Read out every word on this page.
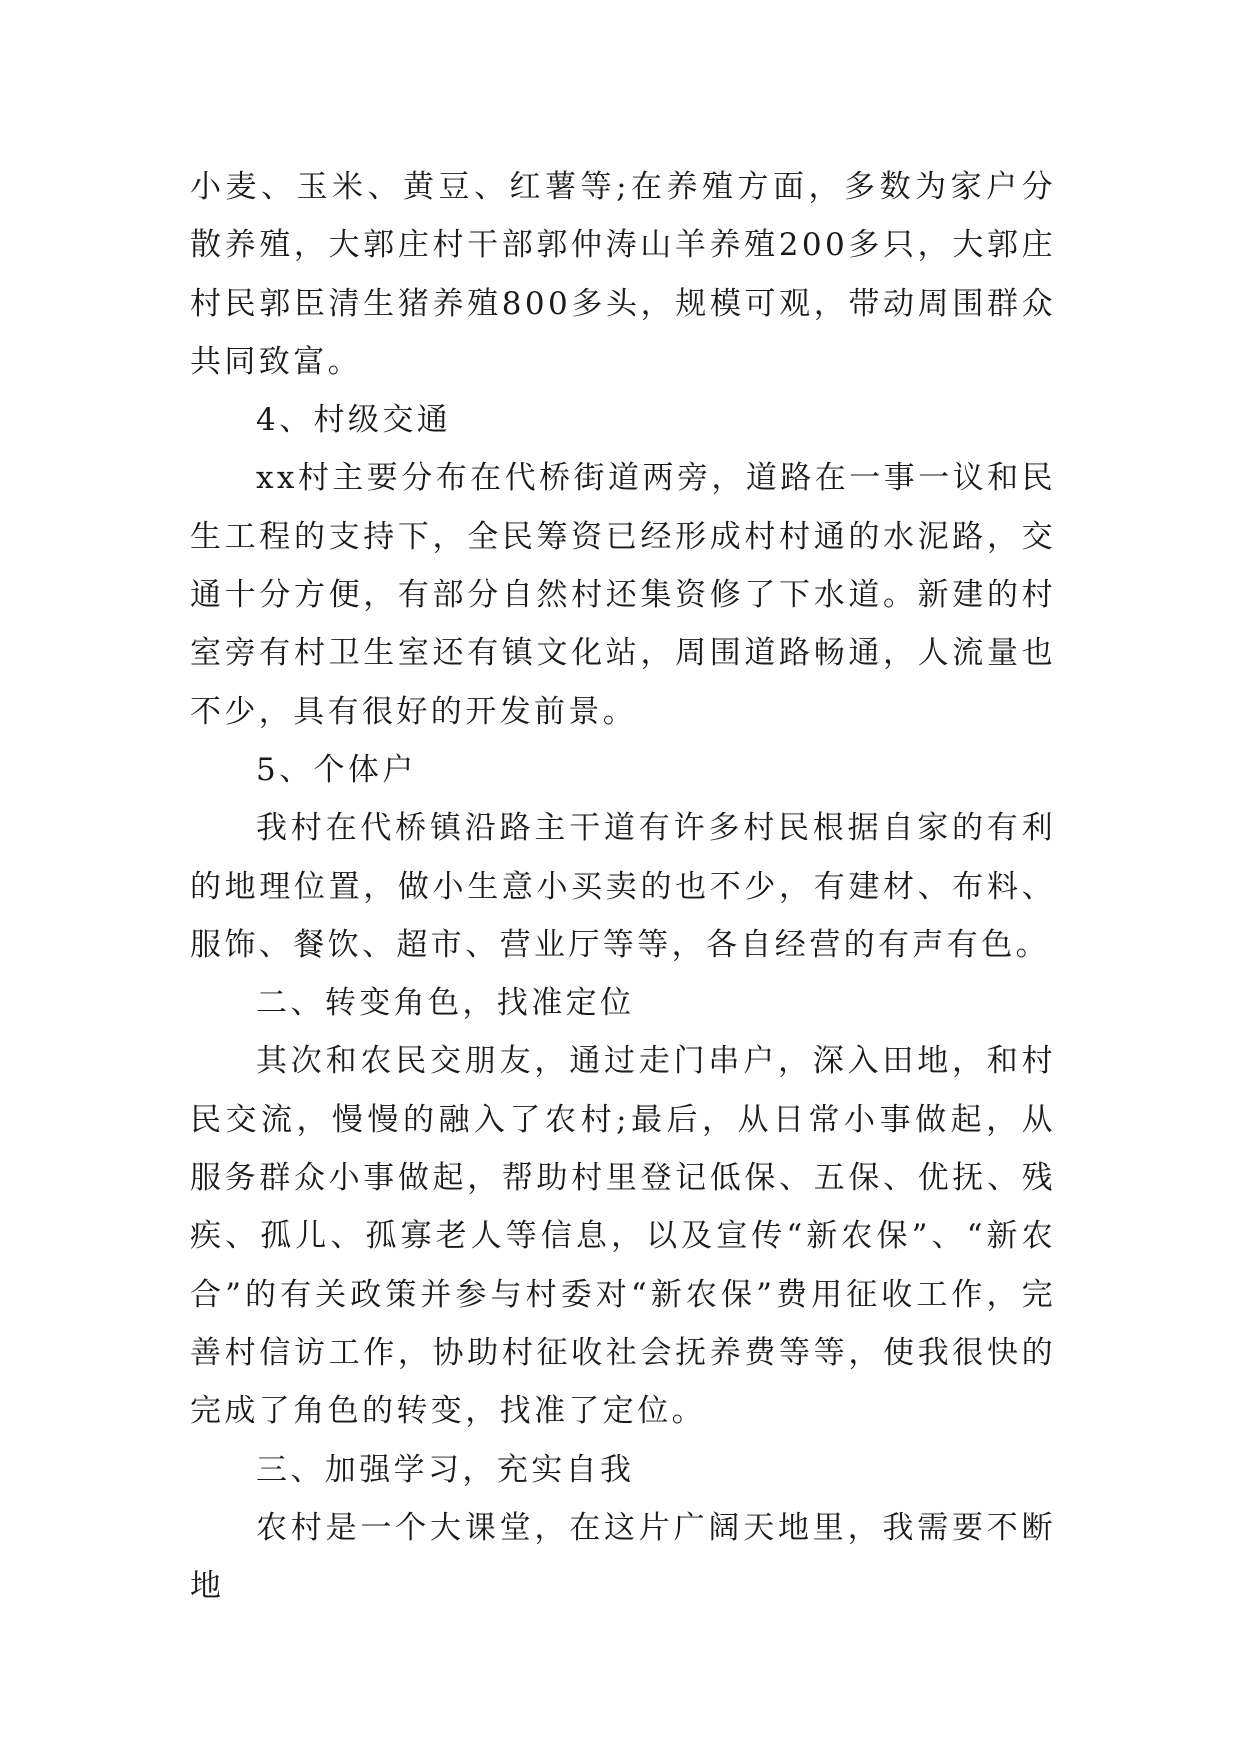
小麦、玉米、黄豆、红薯等;在养殖方面，多数为家户分散养殖，大郭庄村干部郭仲涛山羊养殖200多只，大郭庄村民郭臣清生猪养殖800多头，规模可观，带动周围群众共同致富。

4、村级交通

xx村主要分布在代桥街道两旁，道路在一事一议和民生工程的支持下，全民筹资已经形成村村通的水泥路，交通十分方便，有部分自然村还集资修了下水道。新建的村室旁有村卫生室还有镇文化站，周围道路畅通，人流量也不少，具有很好的开发前景。

5、个体户

我村在代桥镇沿路主干道有许多村民根据自家的有利的地理位置，做小生意小买卖的也不少，有建材、布料、服饰、餐饮、超市、营业厅等等，各自经营的有声有色。

二、转变角色，找准定位

其次和农民交朋友，通过走门串户，深入田地，和村民交流，慢慢的融入了农村;最后，从日常小事做起，从服务群众小事做起，帮助村里登记低保、五保、优抚、残疾、孤儿、孤寡老人等信息，以及宣传“新农保”、“新农合”的有关政策并参与村委对“新农保”费用征收工作，完善村信访工作，协助村征收社会抚养费等等，使我很快的完成了角色的转变，找准了定位。

三、加强学习，充实自我

农村是一个大课堂，在这片广阔天地里，我需要不断地
